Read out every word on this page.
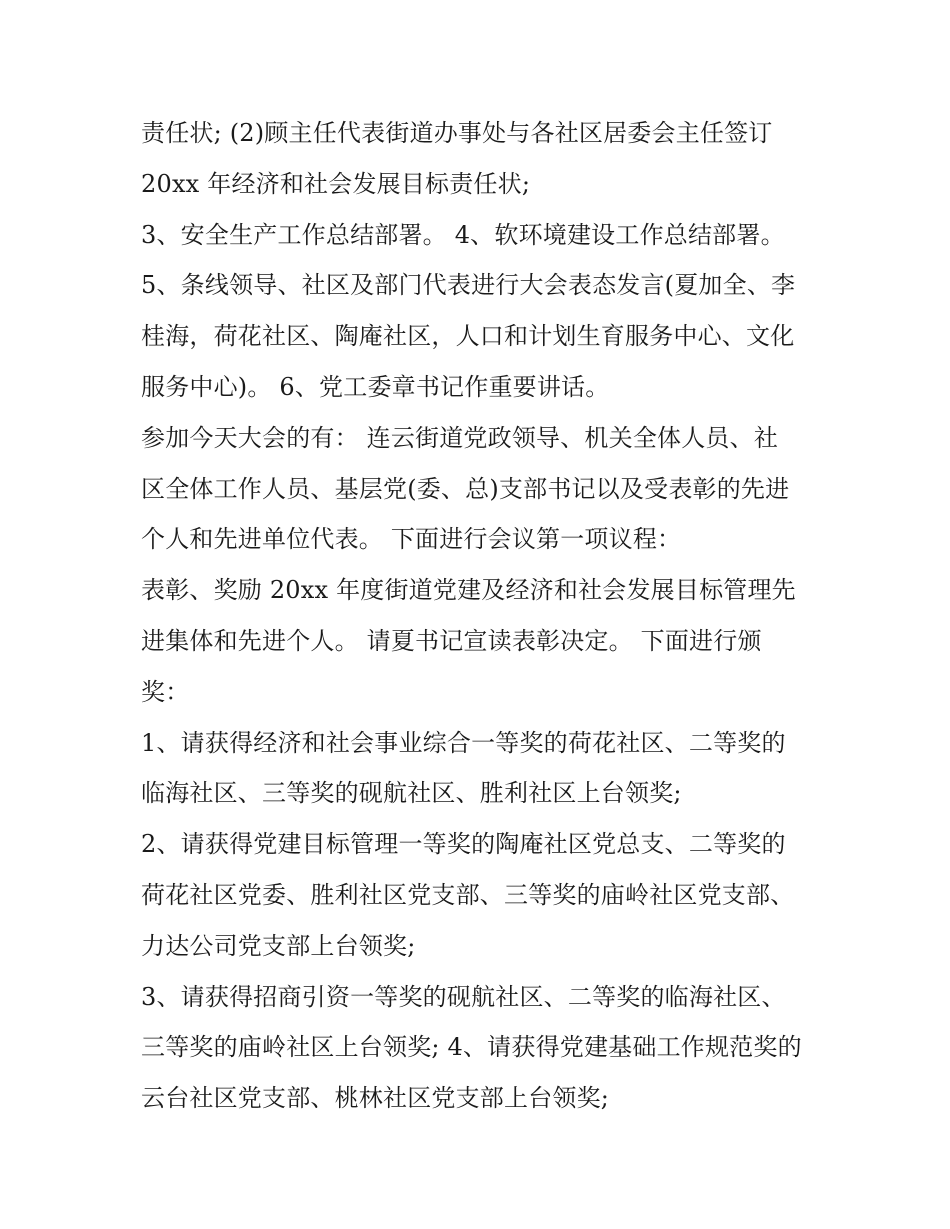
责任状; (2)顾主任代表街道办事处与各社区居委会主任签订
20xx 年经济和社会发展目标责任状;
3、安全生产工作总结部署。 4、软环境建设工作总结部署。
5、条线领导、社区及部门代表进行大会表态发言(夏加全、李
桂海，荷花社区、陶庵社区，人口和计划生育服务中心、文化
服务中心)。 6、党工委章书记作重要讲话。
参加今天大会的有： 连云街道党政领导、机关全体人员、社
区全体工作人员、基层党(委、总)支部书记以及受表彰的先进
个人和先进单位代表。 下面进行会议第一项议程：
表彰、奖励 20xx 年度街道党建及经济和社会发展目标管理先
进集体和先进个人。 请夏书记宣读表彰决定。 下面进行颁
奖：
1、请获得经济和社会事业综合一等奖的荷花社区、二等奖的
临海社区、三等奖的砚航社区、胜利社区上台领奖;
2、请获得党建目标管理一等奖的陶庵社区党总支、二等奖的
荷花社区党委、胜利社区党支部、三等奖的庙岭社区党支部、
力达公司党支部上台领奖;
3、请获得招商引资一等奖的砚航社区、二等奖的临海社区、
三等奖的庙岭社区上台领奖; 4、请获得党建基础工作规范奖的
云台社区党支部、桃林社区党支部上台领奖;
